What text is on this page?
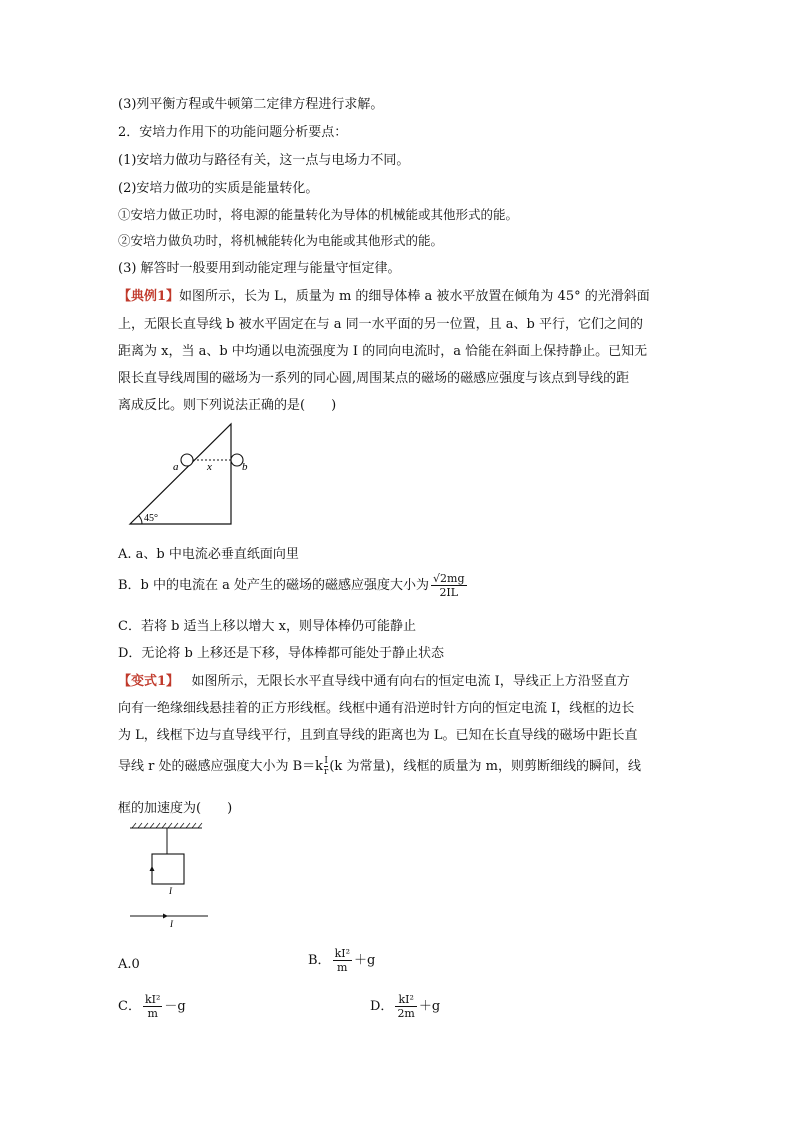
(3)列平衡方程或牛顿第二定律方程进行求解。
2．安培力作用下的功能问题分析要点：
(1)安培力做功与路径有关，这一点与电场力不同。
(2)安培力做功的实质是能量转化。
①安培力做正功时，将电源的能量转化为导体的机械能或其他形式的能。
②安培力做负功时，将机械能转化为电能或其他形式的能。
(3) 解答时一般要用到动能定理与能量守恒定律。
【典例1】如图所示，长为 L，质量为 m 的细导体棒 a 被水平放置在倾角为 45° 的光滑斜面
上，无限长直导线 b 被水平固定在与 a 同一水平面的另一位置，且 a、b 平行，它们之间的
距离为 x，当 a、b 中均通以电流强度为 I 的同向电流时，a 恰能在斜面上保持静止。已知无
限长直导线周围的磁场为一系列的同心圆,周围某点的磁场的磁感应强度与该点到导线的距
离成反比。则下列说法正确的是(　　)
a	b
x
45°
A. a、b 中电流必垂直纸面向里
B．b 中的电流在 a 处产生的磁场的磁感应强度大小为 $\frac{√2mg}{2IL}$
C．若将 b 适当上移以增大 x，则导体棒仍可能静止
D．无论将 b 上移还是下移，导体棒都可能处于静止状态
【变式1】 如图所示，无限长水平直导线中通有向右的恒定电流 I，导线正上方沿竖直方
向有一绝缘细线悬挂着的正方形线框。线框中通有沿逆时针方向的恒定电流 I，线框的边长
为 L，线框下边与直导线平行，且到直导线的距离也为 L。已知在长直导线的磁场中距长直
导线 r 处的磁感应强度大小为 $B=k \frac{I}{r} (k$ 为常量)，线框的质量为 m，则剪断细线的瞬间，线
框的加速度为(　　)
I
I
A.0	B． $\frac{\text{kI²}}{m} +g$
C． $\frac{\text{kI²}}{m} -g$	D． $\frac{\text{kI²}}{2m} +g$
